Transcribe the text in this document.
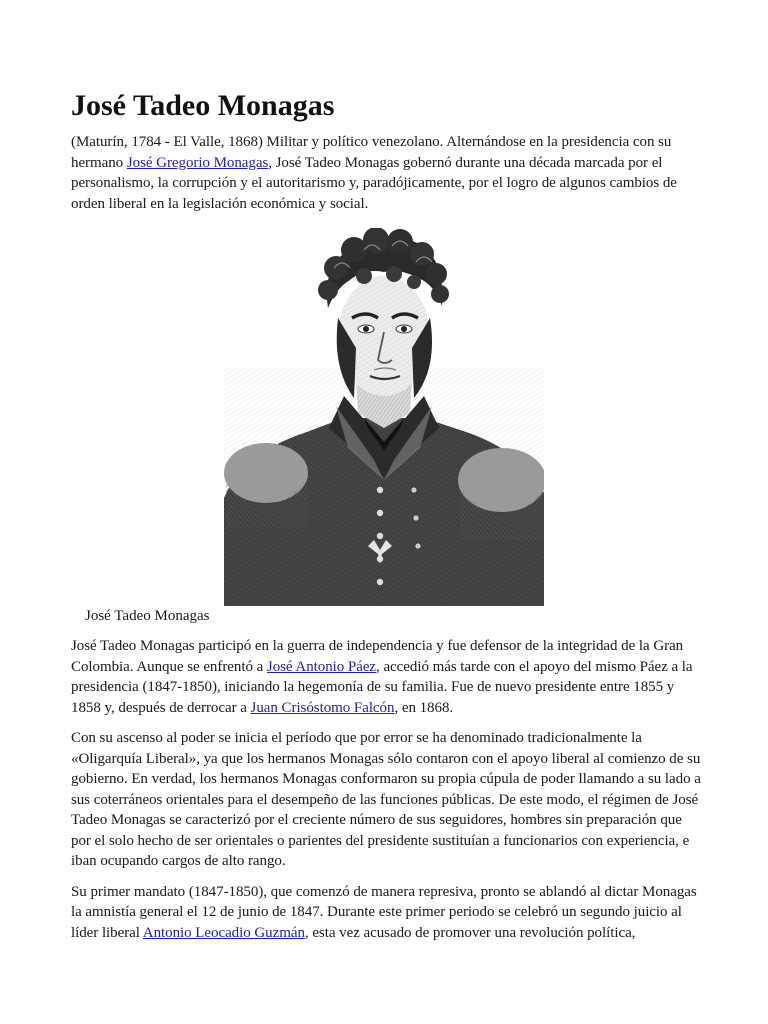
José Tadeo Monagas

(Maturín, 1784 - El Valle, 1868) Militar y político venezolano. Alternándose en la presidencia con su hermano José Gregorio Monagas, José Tadeo Monagas gobernó durante una década marcada por el personalismo, la corrupción y el autoritarismo y, paradójicamente, por el logro de algunos cambios de orden liberal en la legislación económica y social.

José Tadeo Monagas

José Tadeo Monagas participó en la guerra de independencia y fue defensor de la integridad de la Gran Colombia. Aunque se enfrentó a José Antonio Páez, accedió más tarde con el apoyo del mismo Páez a la presidencia (1847-1850), iniciando la hegemonía de su familia. Fue de nuevo presidente entre 1855 y 1858 y, después de derrocar a Juan Crisóstomo Falcón, en 1868.

Con su ascenso al poder se inicia el período que por error se ha denominado tradicionalmente la «Oligarquía Liberal», ya que los hermanos Monagas sólo contaron con el apoyo liberal al comienzo de su gobierno. En verdad, los hermanos Monagas conformaron su propia cúpula de poder llamando a su lado a sus coterráneos orientales para el desempeño de las funciones públicas. De este modo, el régimen de José Tadeo Monagas se caracterizó por el creciente número de sus seguidores, hombres sin preparación que por el solo hecho de ser orientales o parientes del presidente sustituían a funcionarios con experiencia, e iban ocupando cargos de alto rango.

Su primer mandato (1847-1850), que comenzó de manera represiva, pronto se ablandó al dictar Monagas la amnistía general el 12 de junio de 1847. Durante este primer periodo se celebró un segundo juicio al líder liberal Antonio Leocadio Guzmán, esta vez acusado de promover una revolución política,
